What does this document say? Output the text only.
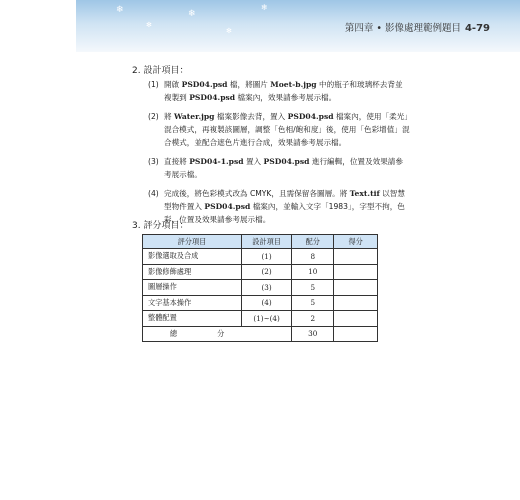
❄
✻
❄
✻
❄
第四章 • 影像處理範例題目 4-79
2. 設計項目：
(1) 開啟 PSD04.psd 檔，將圖片 Moet-b.jpg 中的瓶子和玻璃杯去背並複製到 PSD04.psd 檔案內，效果請參考展示檔。
(2) 將 Water.jpg 檔案影像去背，置入 PSD04.psd 檔案內，使用「柔光」混合模式，再複製該圖層，調整「色相/飽和度」後，使用「色彩增值」混合模式，並配合遮色片進行合成，效果請參考展示檔。
(3) 直接將 PSD04-1.psd 置入 PSD04.psd 進行編輯，位置及效果請參考展示檔。
(4) 完成後，將色彩模式改為 CMYK，且需保留各圖層。將 Text.tif 以智慧型物件置入 PSD04.psd 檔案內，並輸入文字「1983」，字型不拘，色彩、位置及效果請參考展示檔。
3. 評分項目：
評分項目	設計項目	配分	得分
影像選取及合成	(1)	8	
影像修飾處理	(2)	10	
圖層操作	(3)	5	
文字基本操作	(4)	5	
整體配置	(1)~(4)	2	
總分		30	
